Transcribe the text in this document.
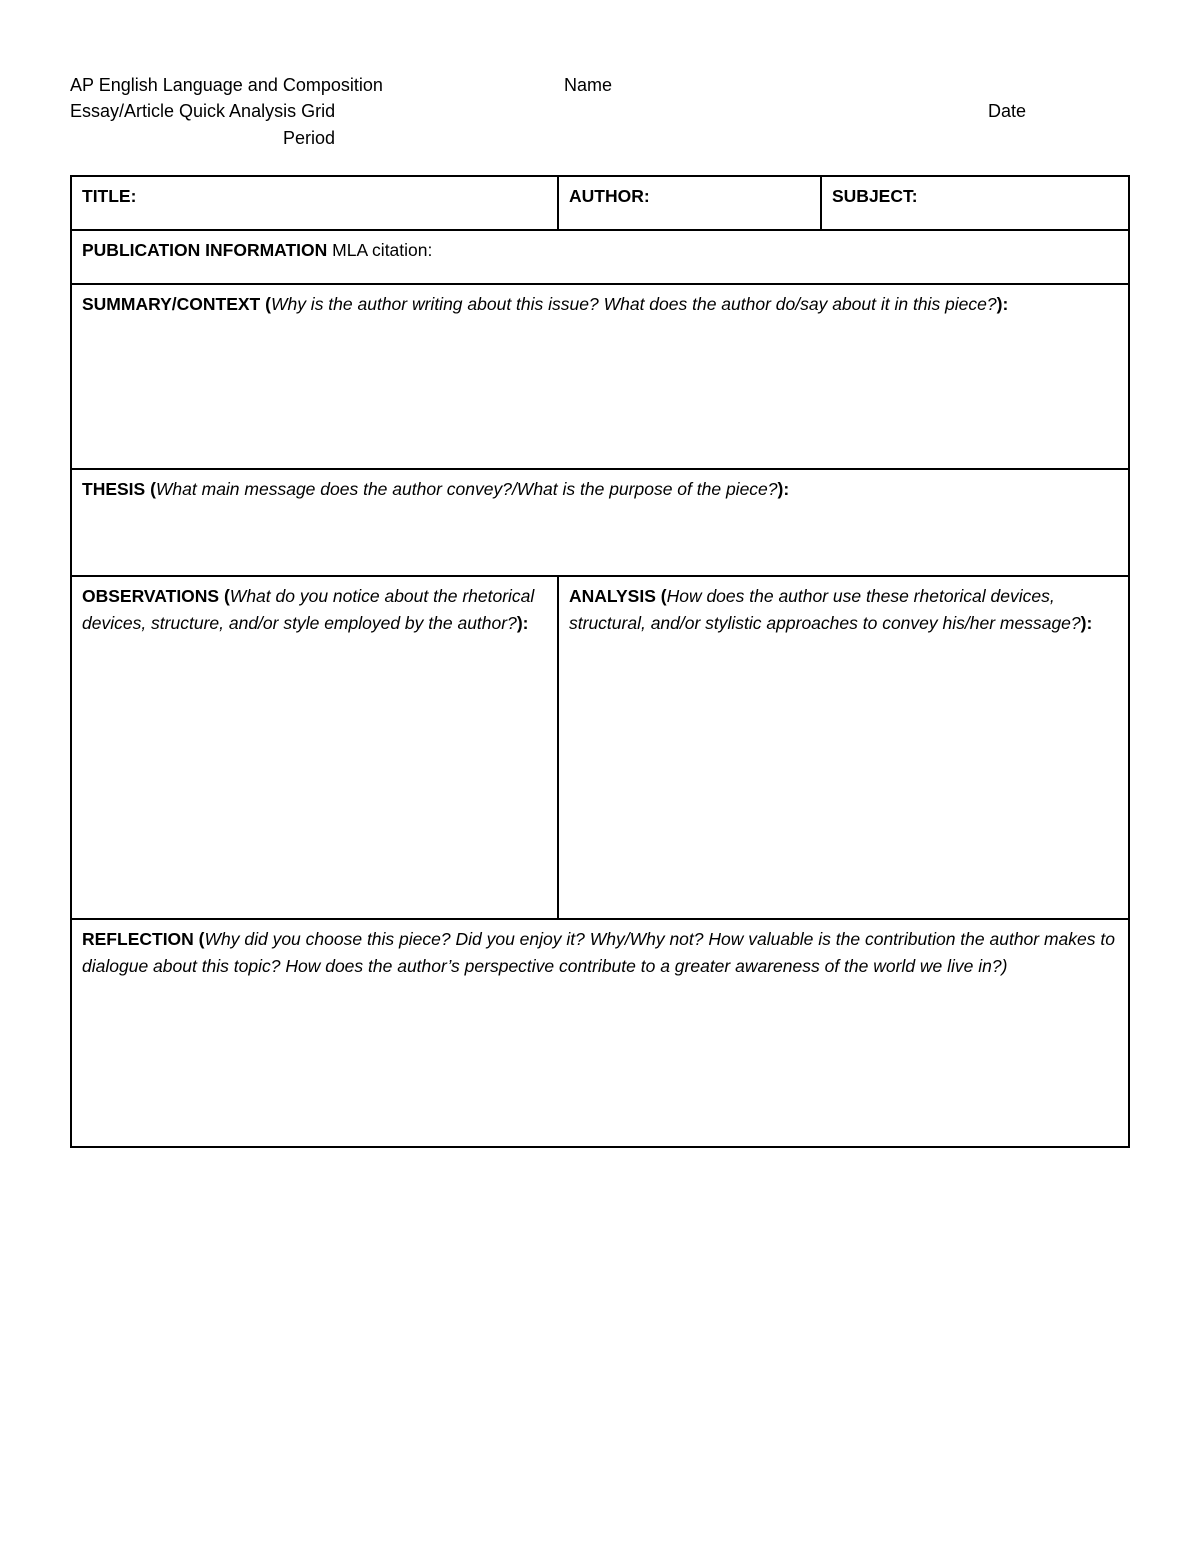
AP English Language and Composition	Name
Essay/Article Quick Analysis Grid	Date
Period
TITLE:	AUTHOR:	SUBJECT:
PUBLICATION INFORMATION MLA citation:
SUMMARY/CONTEXT (Why is the author writing about this issue? What does the author do/say about it in this piece?):
THESIS (What main message does the author convey?/What is the purpose of the piece?):
OBSERVATIONS (What do you notice about the rhetorical devices, structure, and/or style employed by the author?):
ANALYSIS (How does the author use these rhetorical devices, structural, and/or stylistic approaches to convey his/her message?):
REFLECTION (Why did you choose this piece? Did you enjoy it? Why/Why not? How valuable is the contribution the author makes to dialogue about this topic? How does the author’s perspective contribute to a greater awareness of the world we live in?)
